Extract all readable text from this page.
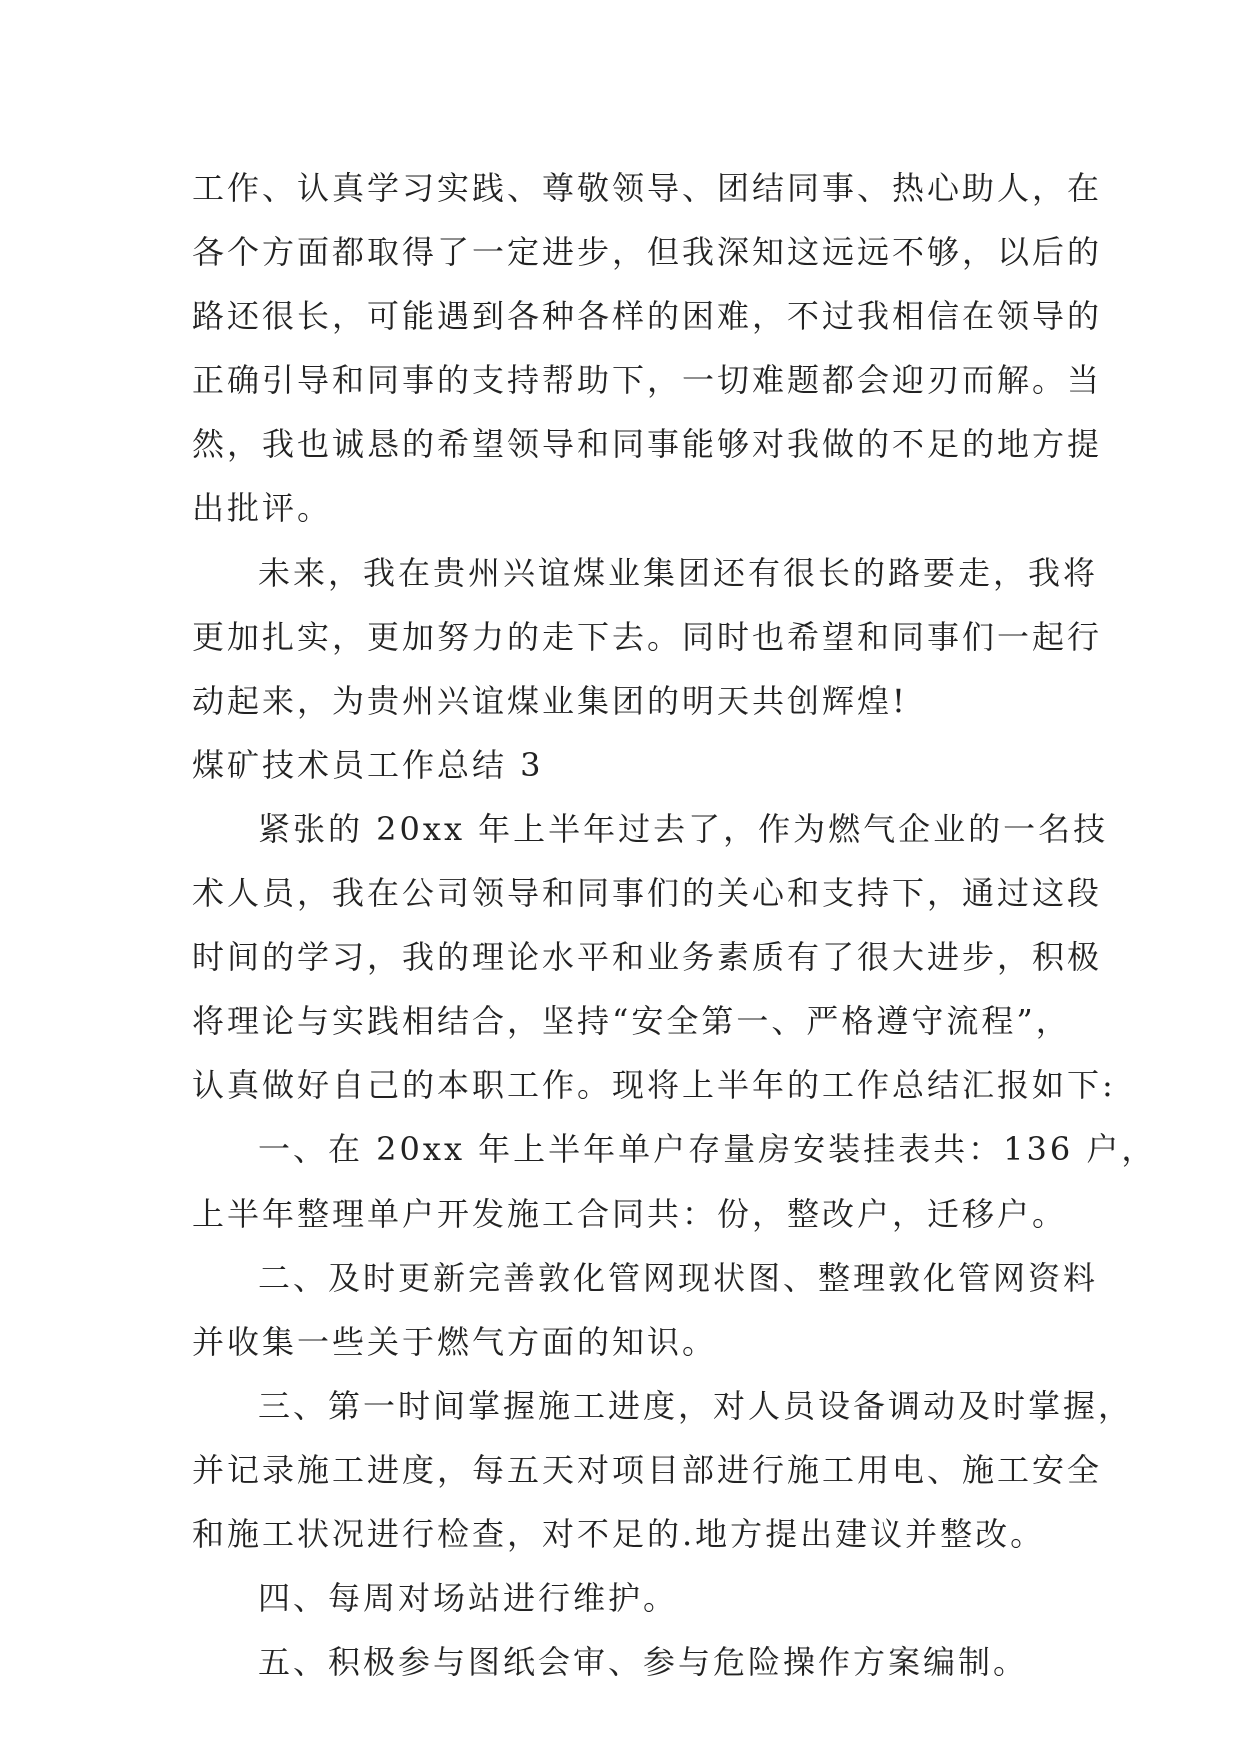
工作、认真学习实践、尊敬领导、团结同事、热心助人，在
各个方面都取得了一定进步，但我深知这远远不够，以后的
路还很长，可能遇到各种各样的困难，不过我相信在领导的
正确引导和同事的支持帮助下，一切难题都会迎刃而解。当
然，我也诚恳的希望领导和同事能够对我做的不足的地方提
出批评。
未来，我在贵州兴谊煤业集团还有很长的路要走，我将
更加扎实，更加努力的走下去。同时也希望和同事们一起行
动起来，为贵州兴谊煤业集团的明天共创辉煌!
煤矿技术员工作总结 3
紧张的 20xx 年上半年过去了，作为燃气企业的一名技
术人员，我在公司领导和同事们的关心和支持下，通过这段
时间的学习，我的理论水平和业务素质有了很大进步，积极
将理论与实践相结合，坚持“安全第一、严格遵守流程”，
认真做好自己的本职工作。现将上半年的工作总结汇报如下:
一、在 20xx 年上半年单户存量房安装挂表共：136 户，
上半年整理单户开发施工合同共：份，整改户，迁移户。
二、及时更新完善敦化管网现状图、整理敦化管网资料
并收集一些关于燃气方面的知识。
三、第一时间掌握施工进度，对人员设备调动及时掌握，
并记录施工进度，每五天对项目部进行施工用电、施工安全
和施工状况进行检查，对不足的.地方提出建议并整改。
四、每周对场站进行维护。
五、积极参与图纸会审、参与危险操作方案编制。
